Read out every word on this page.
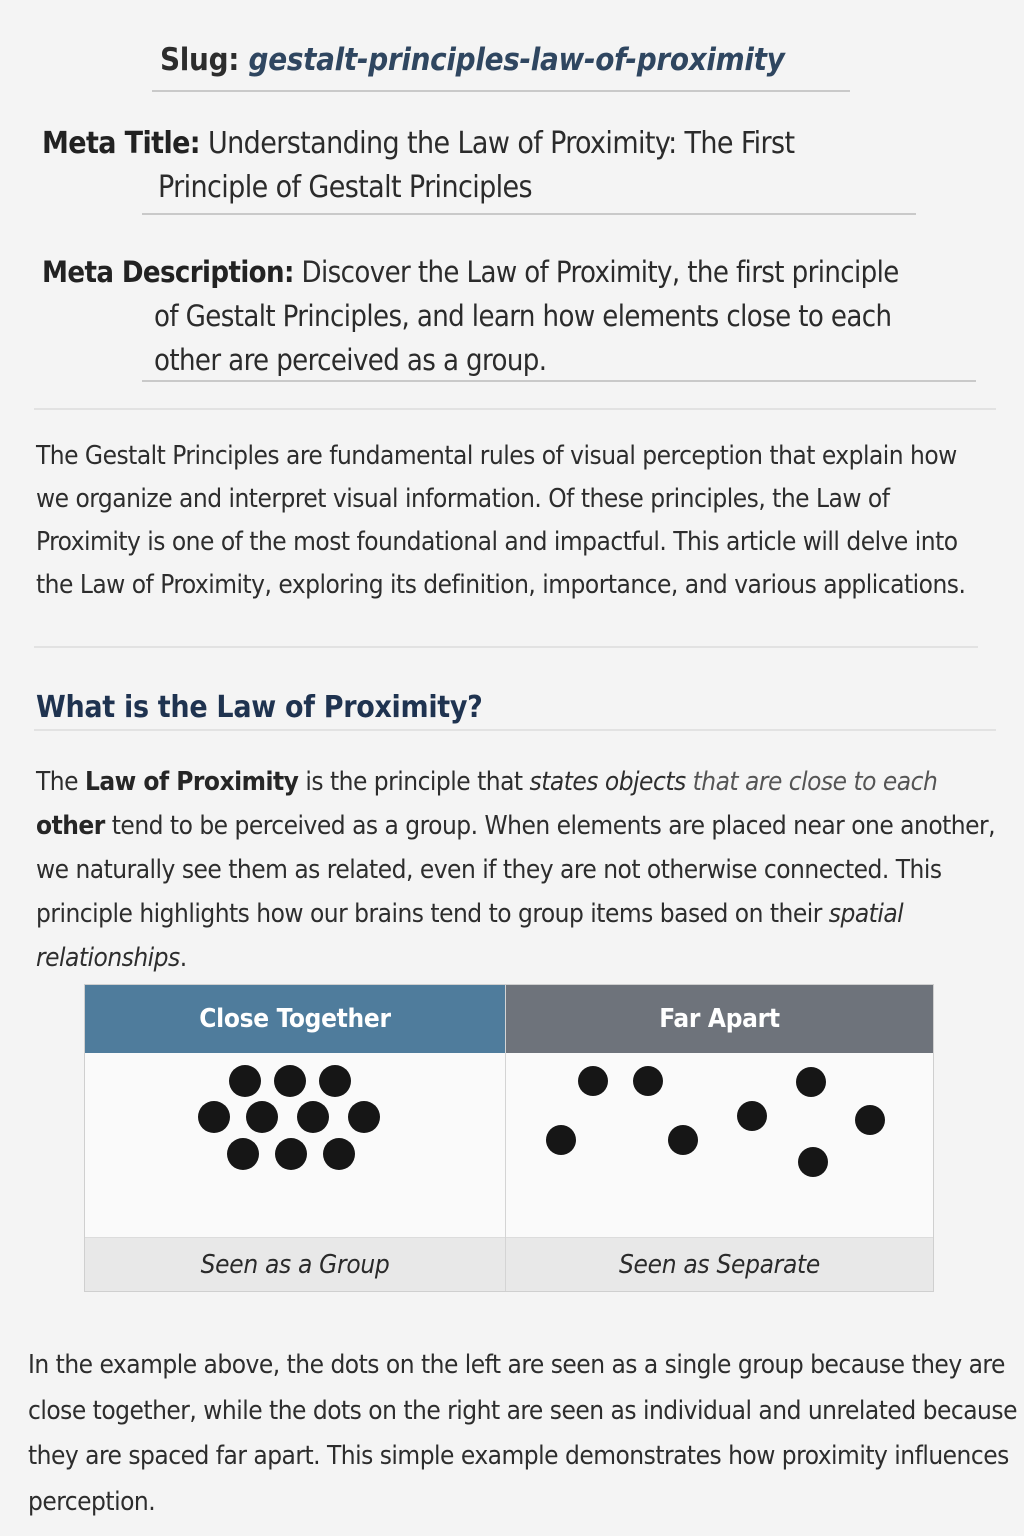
Slug: gestalt-principles-law-of-proximity
Meta Title: Understanding the Law of Proximity: The First
Principle of Gestalt Principles
Meta Description: Discover the Law of Proximity, the first principle
of Gestalt Principles, and learn how elements close to each
other are perceived as a group.
The Gestalt Principles are fundamental rules of visual perception that explain how we organize and interpret visual information. Of these principles, the Law of Proximity is one of the most foundational and impactful. This article will delve into the Law of Proximity, exploring its definition, importance, and various applications.
What is the Law of Proximity?
The Law of Proximity is the principle that states objects that are close to each
other tend to be perceived as a group. When elements are placed near one another, we naturally see them as related, even if they are not otherwise connected. This principle highlights how our brains tend to group items based on their spatial relationships.
Close Together
Seen as a Group
Far Apart
Seen as Separate
In the example above, the dots on the left are seen as a single group because they are close together, while the dots on the right are seen as individual and unrelated because they are spaced far apart. This simple example demonstrates how proximity influences perception.
